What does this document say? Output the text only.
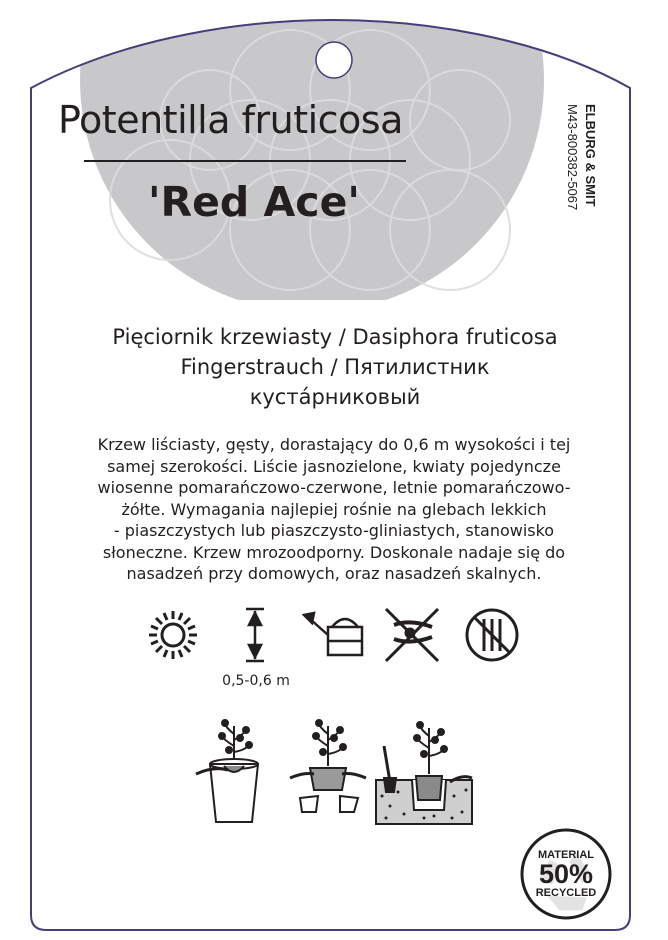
Potentilla fruticosa
'Red Ace'	ELBURG & SMIT
M43-800382-5067
Pięciornik krzewiasty / Dasiphora fruticosa
Fingerstrauch / Пятилистник
кустáрниковый
Krzew liściasty, gęsty, dorastający do 0,6 m wysokości i tej
samej szerokości. Liście jasnozielone, kwiaty pojedyncze
wiosenne pomarańczowo-czerwone, letnie pomarańczowo-
żółte. Wymagania najlepiej rośnie na glebach lekkich
- piaszczystych lub piaszczysto-gliniastych, stanowisko
słoneczne. Krzew mrozoodporny. Doskonale nadaje się do
nasadzeń przy domowych, oraz nasadzeń skalnych.
0,5-0,6 m
MATERIAL
50%
RECYCLED
